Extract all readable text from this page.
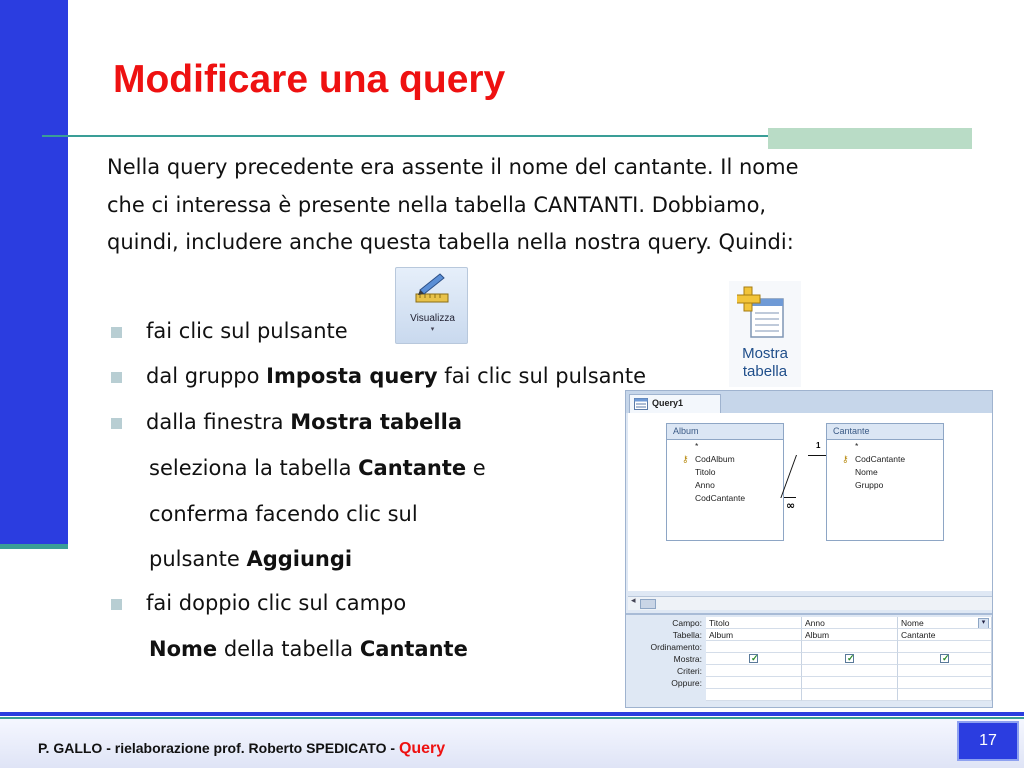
Modificare una query
Nella query precedente era assente il nome del cantante. Il nome
che ci interessa è presente nella tabella CANTANTI. Dobbiamo,
quindi, includere anche questa tabella nella nostra query. Quindi:
fai clic sul pulsante
Visualizza
▾
Mostra
tabella
dal gruppo Imposta query fai clic sul pulsante
dalla finestra Mostra tabella
seleziona la tabella Cantante e
conferma facendo clic sul
pulsante Aggiungi
fai doppio clic sul campo
Nome della tabella Cantante
Query1
Album
*
⚷ CodAlbum
Titolo
Anno
CodCantante
1
∞
Cantante
*
⚷ CodCantante
Nome
Gruppo
◂
Campo:
Tabella:
Ordinamento:
Mostra:
Criteri:
Oppure:
Titolo
Album
✓
Anno
Album
✓
Nome	▾
Cantante
✓
P. GALLO - rielaborazione prof. Roberto SPEDICATO - Query	17
